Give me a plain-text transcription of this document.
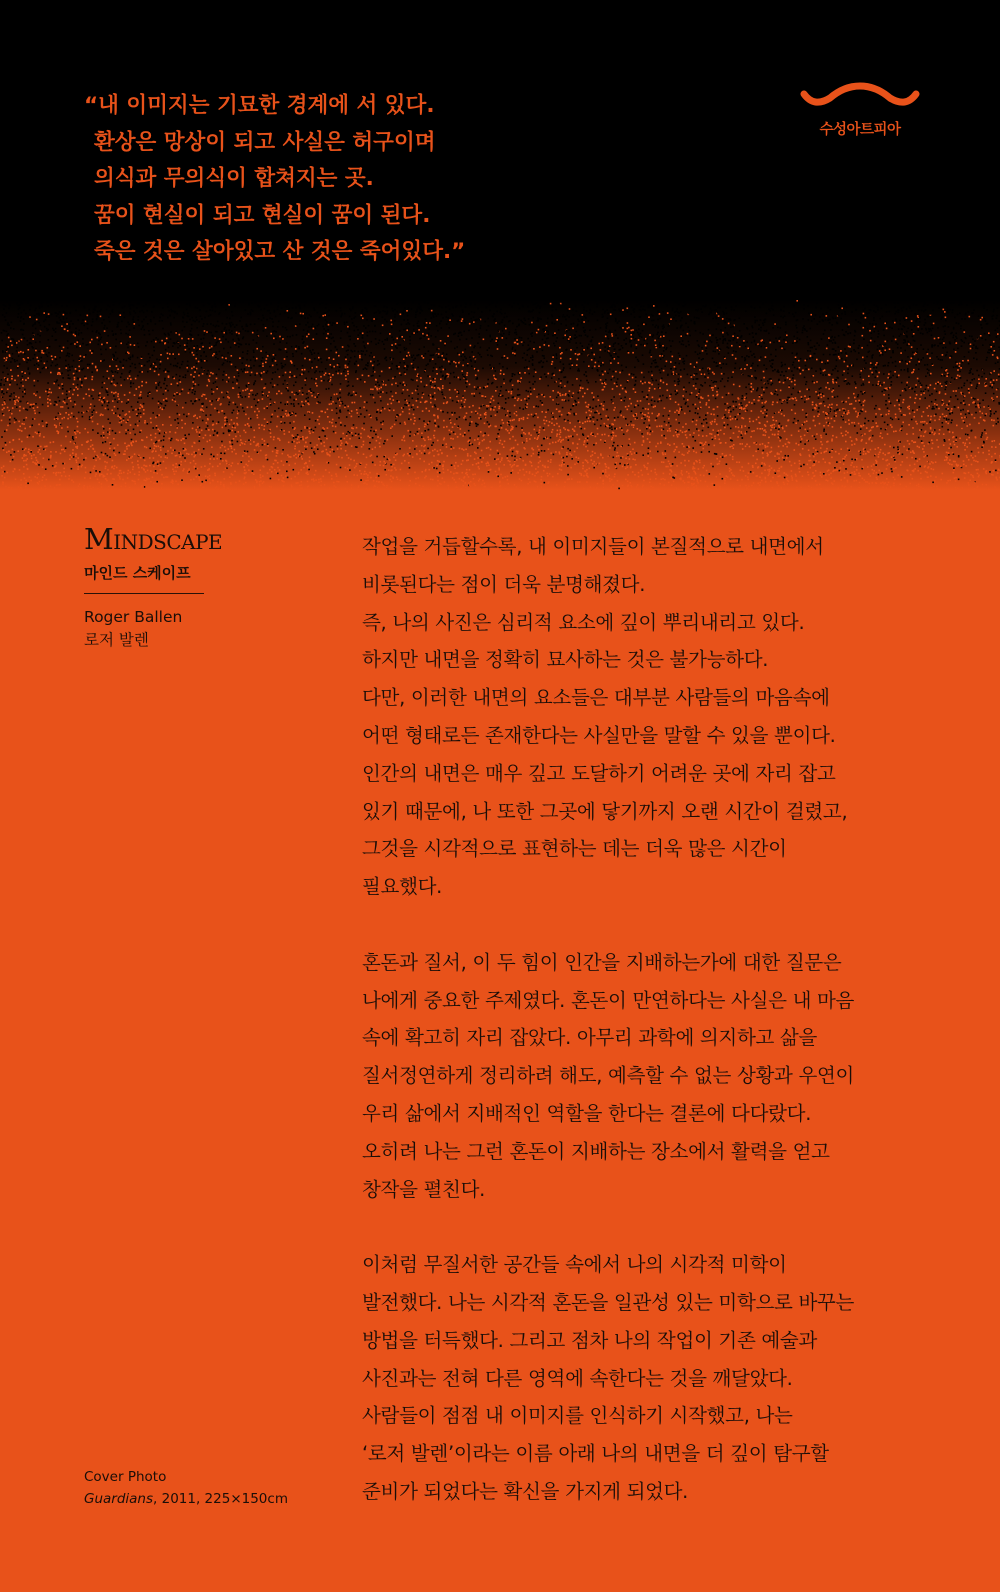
“내 이미지는 기묘한 경계에 서 있다.
환상은 망상이 되고 사실은 허구이며
의식과 무의식이 합쳐지는 곳.
꿈이 현실이 되고 현실이 꿈이 된다.
죽은 것은 살아있고 산 것은 죽어있다.”
수성아트피아
Mindscape
마인드 스케이프
Roger Ballen
로저 발렌
Cover Photo
Guardians, 2011, 225×150cm

작업을 거듭할수록, 내 이미지들이 본질적으로 내면에서
비롯된다는 점이 더욱 분명해졌다.
즉, 나의 사진은 심리적 요소에 깊이 뿌리내리고 있다.
하지만 내면을 정확히 묘사하는 것은 불가능하다.
다만, 이러한 내면의 요소들은 대부분 사람들의 마음속에
어떤 형태로든 존재한다는 사실만을 말할 수 있을 뿐이다.
인간의 내면은 매우 깊고 도달하기 어려운 곳에 자리 잡고
있기 때문에, 나 또한 그곳에 닿기까지 오랜 시간이 걸렸고,
그것을 시각적으로 표현하는 데는 더욱 많은 시간이
필요했다.

혼돈과 질서, 이 두 힘이 인간을 지배하는가에 대한 질문은
나에게 중요한 주제였다. 혼돈이 만연하다는 사실은 내 마음
속에 확고히 자리 잡았다. 아무리 과학에 의지하고 삶을
질서정연하게 정리하려 해도, 예측할 수 없는 상황과 우연이
우리 삶에서 지배적인 역할을 한다는 결론에 다다랐다.
오히려 나는 그런 혼돈이 지배하는 장소에서 활력을 얻고
창작을 펼친다.

이처럼 무질서한 공간들 속에서 나의 시각적 미학이
발전했다. 나는 시각적 혼돈을 일관성 있는 미학으로 바꾸는
방법을 터득했다. 그리고 점차 나의 작업이 기존 예술과
사진과는 전혀 다른 영역에 속한다는 것을 깨달았다.
사람들이 점점 내 이미지를 인식하기 시작했고, 나는
‘로저 발렌’이라는 이름 아래 나의 내면을 더 깊이 탐구할
준비가 되었다는 확신을 가지게 되었다.
